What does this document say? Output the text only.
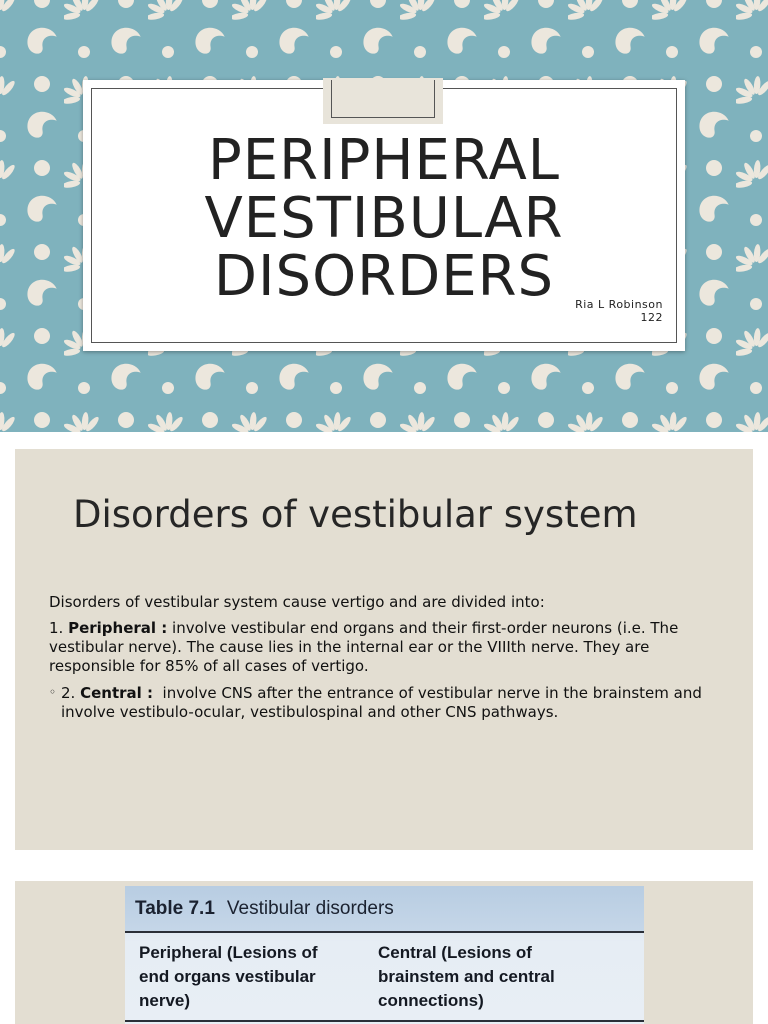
PERIPHERAL
VESTIBULAR
DISORDERS	Ria L Robinson
122
Disorders of vestibular system

Disorders of vestibular system cause vertigo and are divided into:

1. Peripheral : involve vestibular end organs and their first-order neurons (i.e. The vestibular nerve). The cause lies in the internal ear or the VIIIth nerve. They are responsible for 85% of all cases of vertigo.

◦ 2. Central :  involve CNS after the entrance of vestibular nerve in the brainstem and involve vestibulo-ocular, vestibulospinal and other CNS pathways.

Table 7.1 Vestibular disorders
Peripheral (Lesions of
end organs vestibular
nerve)
Central (Lesions of
brainstem and central
connections)
